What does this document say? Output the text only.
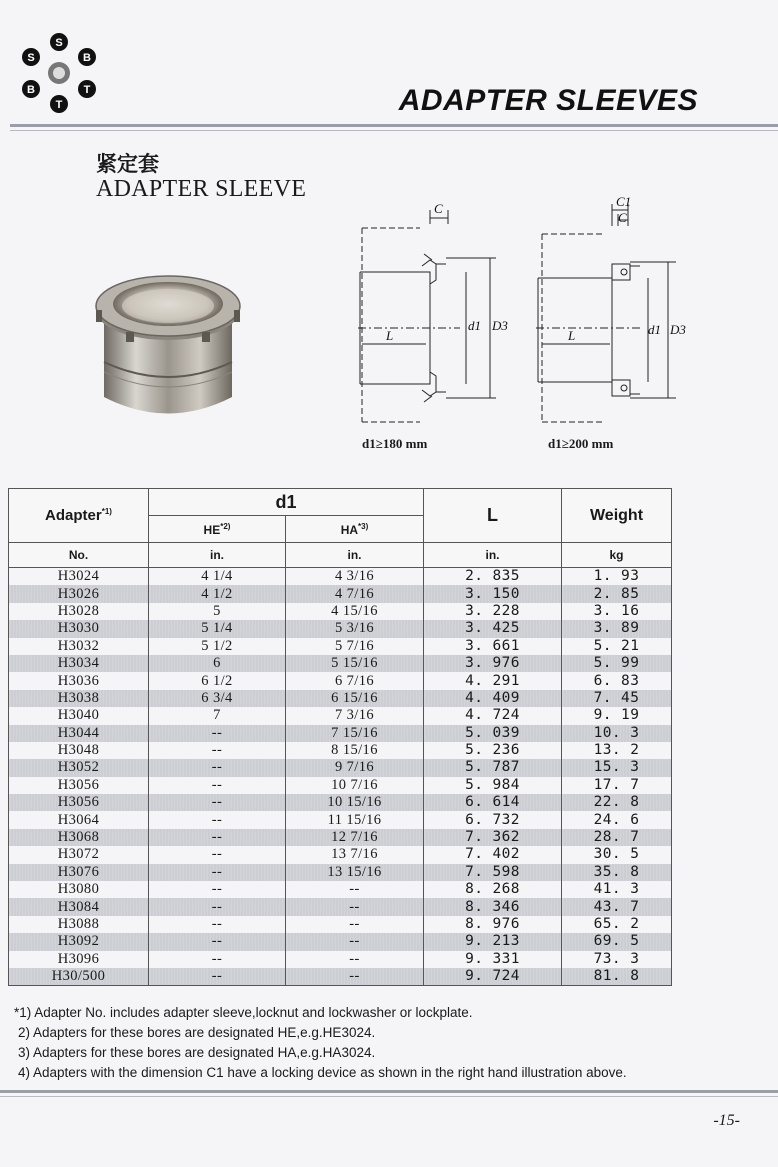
S
B
T
T
B
S
ADAPTER SLEEVES
紧定套
ADAPTER SLEEVE
C
L
d1 D3
d1≥180 mm
C1
C
L	d1 D3
d1≥200 mm
Adapter$^{*1)}$	d1		L	Weight
	HE$^{*2)}$	HA$^{*3)}$
No.	in.	in.	in.	kg
H3024	4 1/4	4 3/16	2. 835	1. 93
H3026	4 1/2	4 7/16	3. 150	2. 85
H3028	5	4 15/16	3. 228	3. 16
H3030	5 1/4	5 3/16	3. 425	3. 89
H3032	5 1/2	5 7/16	3. 661	5. 21
H3034	6	5 15/16	3. 976	5. 99
H3036	6 1/2	6 7/16	4. 291	6. 83
H3038	6 3/4	6 15/16	4. 409	7. 45
H3040	7	7 3/16	4. 724	9. 19
H3044	--	7 15/16	5. 039	10. 3
H3048	--	8 15/16	5. 236	13. 2
H3052	--	9 7/16	5. 787	15. 3
H3056	--	10 7/16	5. 984	17. 7
H3056	--	10 15/16	6. 614	22. 8
H3064	--	11 15/16	6. 732	24. 6
H3068	--	12 7/16	7. 362	28. 7
H3072	--	13 7/16	7. 402	30. 5
H3076	--	13 15/16	7. 598	35. 8
H3080	--	--	8. 268	41. 3
H3084	--	--	8. 346	43. 7
H3088	--	--	8. 976	65. 2
H3092	--	--	9. 213	69. 5
H3096	--	--	9. 331	73. 3
H30/500	--	--	9. 724	81. 8
*1) Adapter No. includes adapter sleeve,locknut and lockwasher or lockplate.
2) Adapters for these bores are designated HE,e.g.HE3024.
3) Adapters for these bores are designated HA,e.g.HA3024.
4) Adapters with the dimension C1 have a locking device as shown in the right hand illustration above.
-15-
